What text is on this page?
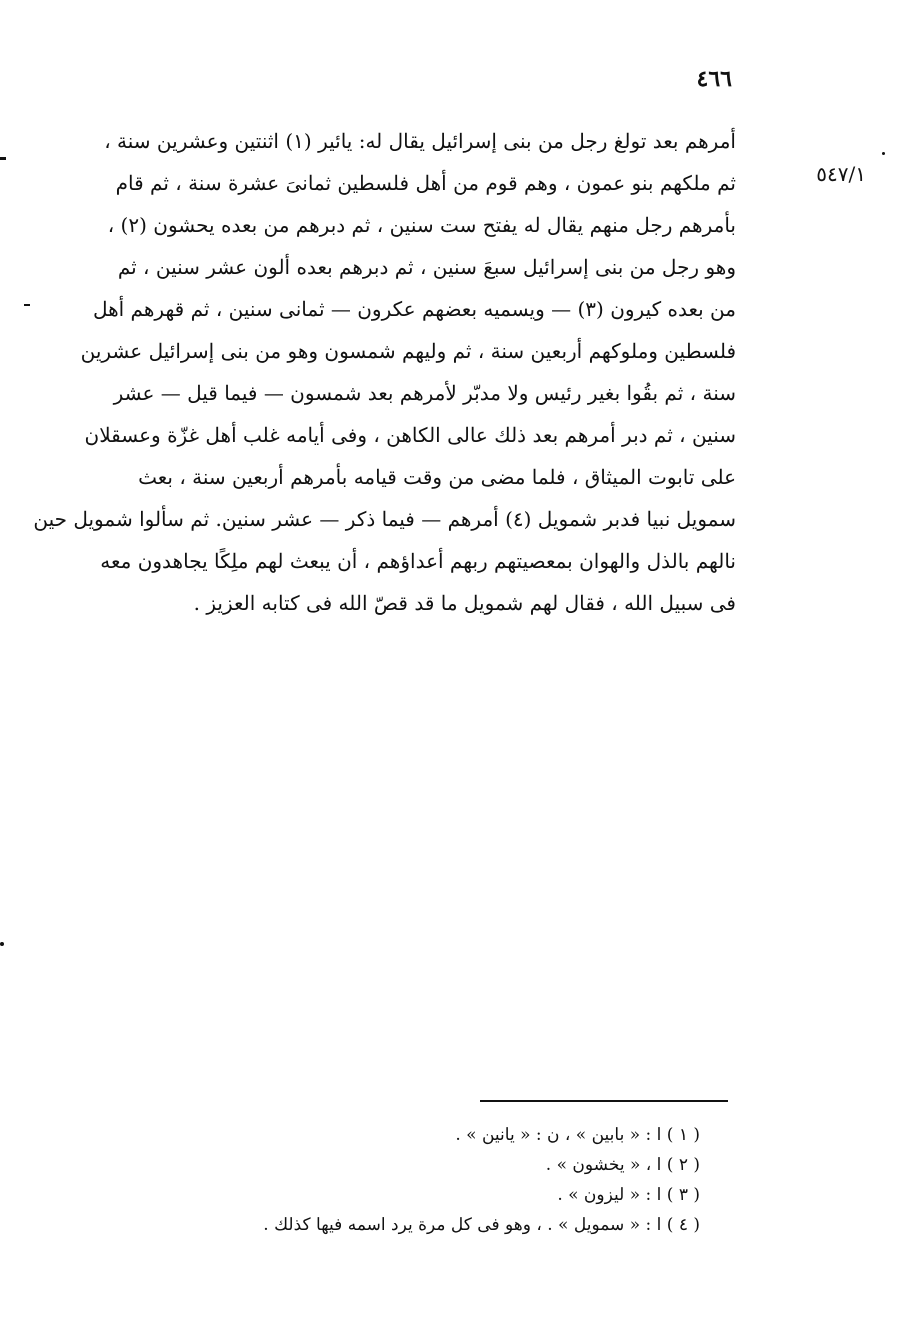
٤٦٦
٥٤٧/١
أمرهم بعد تولغ رجل من بنى إسرائيل يقال له: يائير (١) اثنتين وعشرين سنة ،
ثم ملكهم بنو عمون ، وهم قوم من أهل فلسطين ثمانىَ عشرة سنة ، ثم قام
بأمرهم رجل منهم يقال له يفتح ست سنين ، ثم دبرهم من بعده يحشون (٢) ،
وهو رجل من بنى إسرائيل سبعَ سنين ، ثم دبرهم بعده ألون عشر سنين ، ثم
من بعده كيرون (٣) — ويسميه بعضهم عكرون — ثمانى سنين ، ثم قهرهم أهل
فلسطين وملوكهم أربعين سنة ، ثم وليهم شمسون وهو من بنى إسرائيل عشرين
سنة ، ثم بقُوا بغير رئيس ولا مدبّر لأمرهم بعد شمسون — فيما قيل — عشر
سنين ، ثم دبر أمرهم بعد ذلك عالى الكاهن ، وفى أيامه غلب أهل غزّة وعسقلان
على تابوت الميثاق ، فلما مضى من وقت قيامه بأمرهم أربعين سنة ، بعث
سمويل نبيا فدبر شمويل (٤) أمرهم — فيما ذكر — عشر سنين. ثم سألوا شمويل حين
نالهم بالذل والهوان بمعصيتهم ربهم أعداؤهم ، أن يبعث لهم ملِكًا يجاهدون معه
فى سبيل الله ، فقال لهم شمويل ما قد قصّ الله فى كتابه العزيز .
( ١ ) ا : « بابين » ، ن : « يانين » .
( ٢ ) ا ، « يخشون » .
( ٣ ) ا : « ليزون » .
( ٤ ) ا : « سمويل » . ، وهو فى كل مرة يرد اسمه فيها كذلك .
